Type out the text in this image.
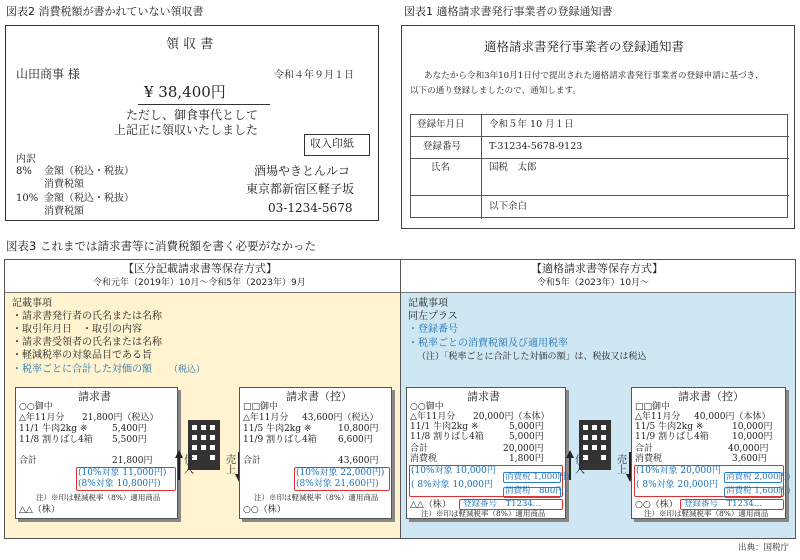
図表2 消費税額が書かれていない領収書
領 収 書
山田商事 様	令和４年９月１日
¥ 38,400円
ただし、御食事代として
上記正に領収いたしました
収入印紙
内訳
8% 金額（税込・税抜）
消費税額
10% 金額（税込・税抜）
消費税額
酒場やきとんルコ
東京都新宿区軽子坂
03-1234-5678
図表1 適格請求書発行事業者の登録通知書
適格請求書発行事業者の登録通知書
あなたから令和3年10月1日付で提出された適格請求書発行事業者の登録申請に基づき、
以下の通り登録しましたので、通知します。
登録年月日	令和５年 10 月１日
登録番号	T-31234-5678-9123
氏名	国税　太郎
以下余白
図表3 これまでは請求書等に消費税額を書く必要がなかった
【区分記載請求書等保存方式】
令和元年（2019年）10月～令和5年（2023年）9月
記載事項
・請求書発行者の氏名または名称
・取引年月日　・取引の内容
・請求書受領者の氏名または名称
・軽減税率の対象品目である旨
・税率ごとに合計した対価の額 （税込）
請求書
○○御中
△年11月分 21,800円（税込）
11/1 牛肉2kg ※	5,400円
11/8 割りばし4箱 5,500円
合計	21,800円
(10%対象 11,000円)
(8%対象 10,800円)
注）※印は軽減税率（8%）適用商品
△△（株）
仕入	売上
請求書（控）
□□御中
△年11月分 43,600円（税込）
11/5 牛肉2kg ※	10,800円
11/9 割りばし4箱 6,600円
合計	43,600円
(10%対象 22,000円)
(8%対象 21,600円)
注）※印は軽減税率（8%）適用商品
○○（株）
【適格請求書等保存方式】
令和5年（2023年）10月～
記載事項
同左プラス
・登録番号
・税率ごとの消費税額及び適用税率
（注）「税率ごとに合計した対価の額」は、税抜又は税込
請求書
○○御中
△年11月分 20,000円（本体）
11/1 牛肉2kg ※	5,000円
11/8 割りばし4箱	5,000円
合計	20,000円
消費税	1,800円
(10%対象 10,000円
消費税 1,000円)
( 8%対象 10,000円
消費税　800円)
△△（株） 登録番号　T1234…
注）※印は軽減税率（8%）適用商品
仕入	売上
請求書（控）
□□御中
△年11月分 40,000円（本体）
11/5 牛肉2kg ※	10,000円
11/9 割りばし4箱	10,000円
合計	40,000円
消費税	3,600円
(10%対象 20,000円
消費税 2,000円)
( 8%対象 20,000円
消費税 1,600円)
○○（株） 登録番号　T1234…
注）※印は軽減税率（8%）適用商品
出典：国税庁
